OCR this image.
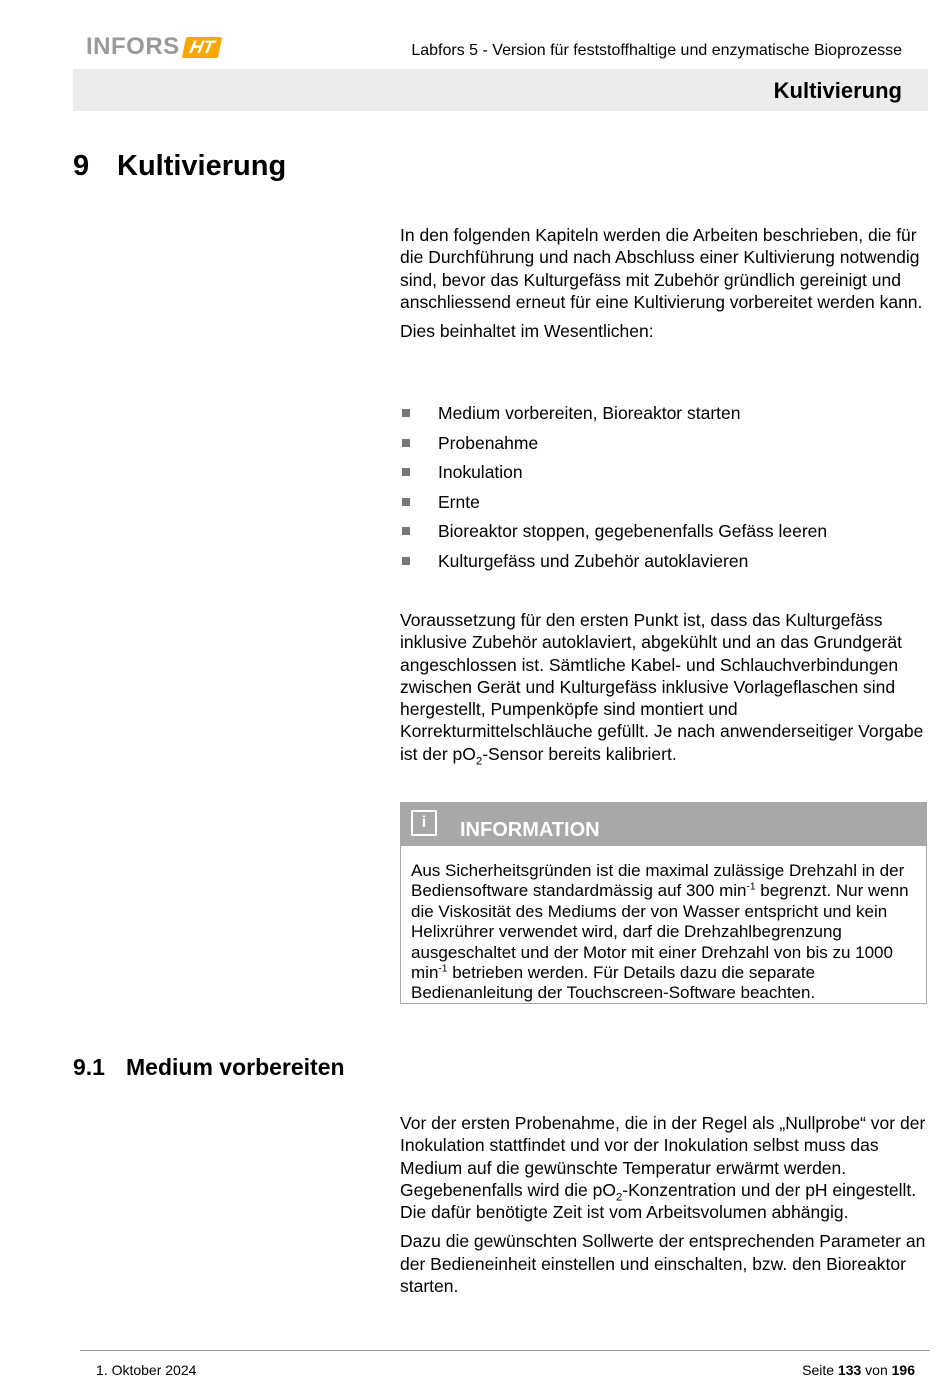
INFORS HT	Labfors 5 - Version für feststoffhaltige und enzymatische Bioprozesse
Kultivierung
9 Kultivierung

In den folgenden Kapiteln werden die Arbeiten beschrieben, die für die Durchführung und nach Abschluss einer Kultivierung notwendig sind, bevor das Kulturgefäss mit Zubehör gründlich gereinigt und anschliessend erneut für eine Kultivierung vorbereitet werden kann.

Dies beinhaltet im Wesentlichen:

Medium vorbereiten, Bioreaktor starten
Probenahme
Inokulation
Ernte
Bioreaktor stoppen, gegebenenfalls Gefäss leeren
Kulturgefäss und Zubehör autoklavieren

Voraussetzung für den ersten Punkt ist, dass das Kulturgefäss inklusive Zubehör autoklaviert, abgekühlt und an das Grundgerät angeschlossen ist. Sämtliche Kabel- und Schlauchverbindungen zwischen Gerät und Kulturgefäss inklusive Vorlageflaschen sind hergestellt, Pumpenköpfe sind montiert und Korrekturmittelschläuche gefüllt. Je nach anwenderseitiger Vorgabe ist der $pO_2$-Sensor bereits kalibriert.

i	INFORMATION
Aus Sicherheitsgründen ist die maximal zulässige Drehzahl in der Bediensoftware standardmässig auf 300 $\min^{-1}$ begrenzt. Nur wenn die Viskosität des Mediums der von Wasser entspricht und kein Helixrührer verwendet wird, darf die Drehzahlbegrenzung ausgeschaltet und der Motor mit einer Drehzahl von bis zu 1000 $\min^{-1}$ betrieben werden. Für Details dazu die separate Bedienanleitung der Touchscreen-Software beachten.
9.1 Medium vorbereiten

Vor der ersten Probenahme, die in der Regel als „Nullprobe“ vor der Inokulation stattfindet und vor der Inokulation selbst muss das Medium auf die gewünschte Temperatur erwärmt werden. Gegebenenfalls wird die $pO_2$-Konzentration und der pH eingestellt. Die dafür benötigte Zeit ist vom Arbeitsvolumen abhängig.

Dazu die gewünschten Sollwerte der entsprechenden Parameter an der Bedieneinheit einstellen und einschalten, bzw. den Bioreaktor starten.

1. Oktober 2024	Seite 133 von 196
